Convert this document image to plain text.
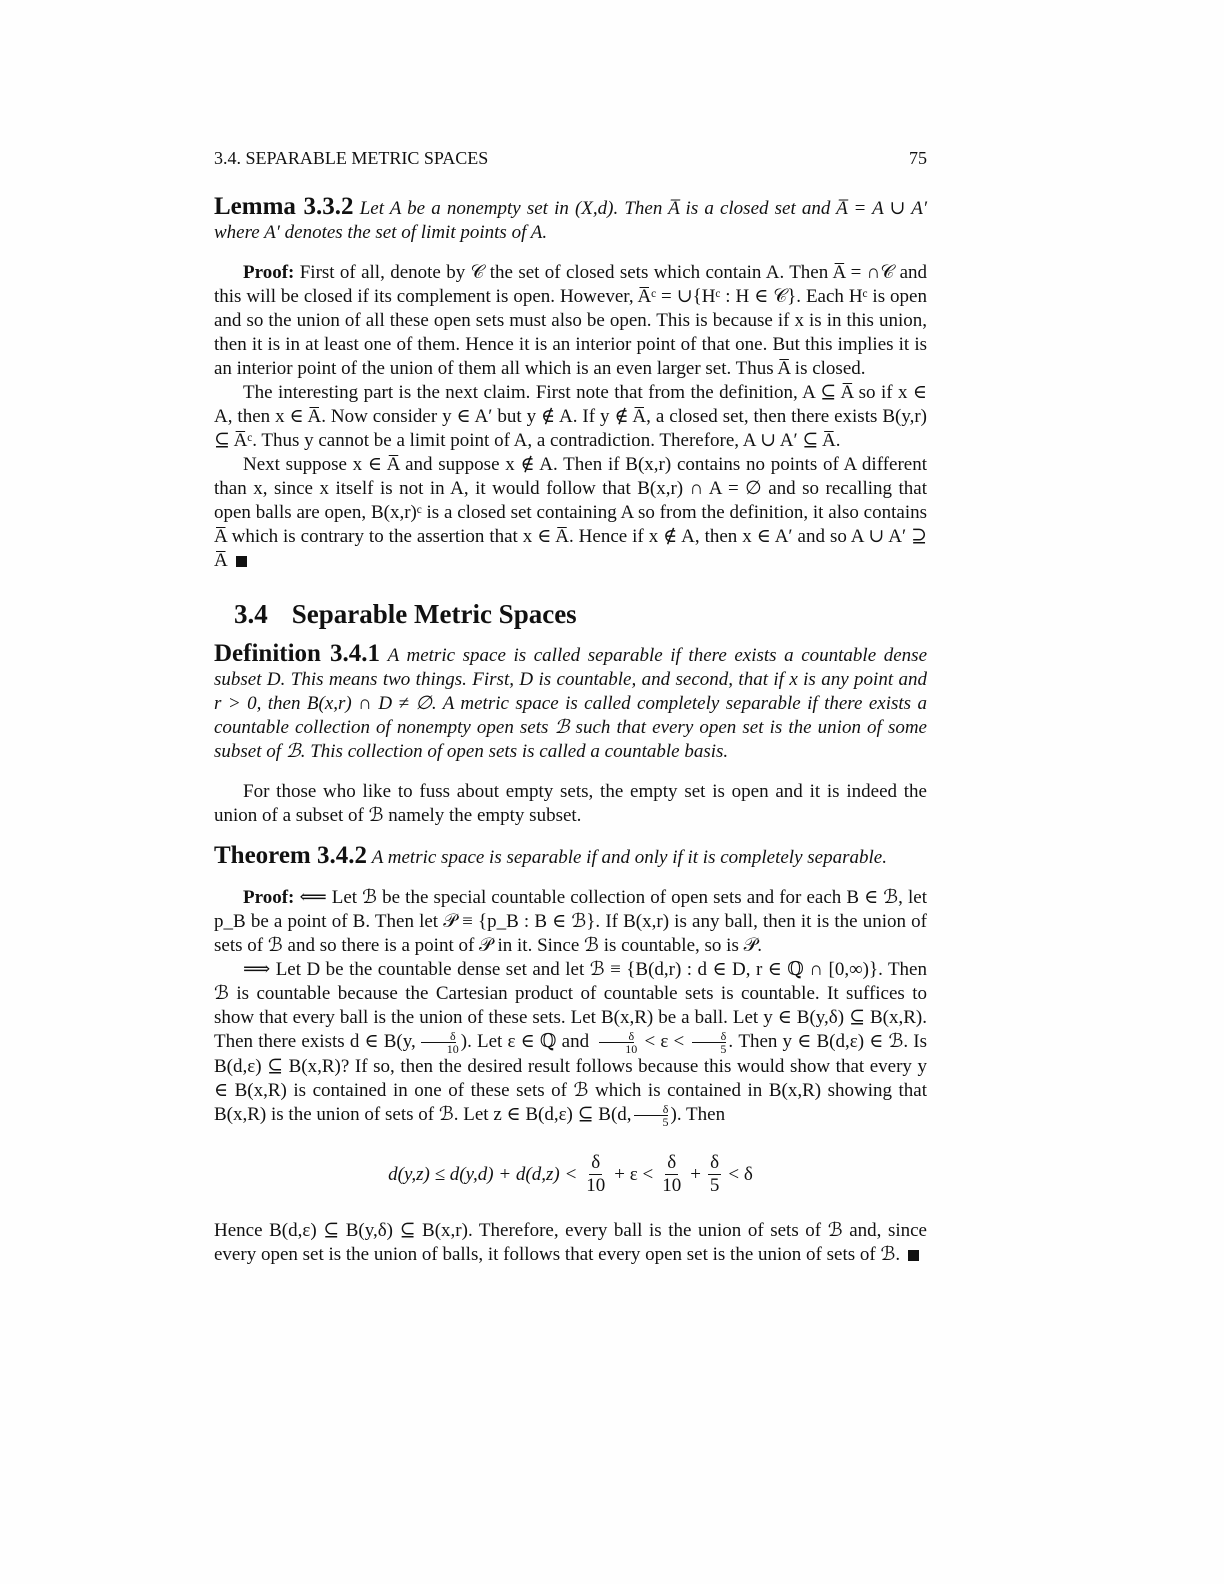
3.4. SEPARABLE METRIC SPACES	75

Lemma 3.3.2 Let A be a nonempty set in (X,d). Then A̅ is a closed set and A̅ = A ∪ A′ where A′ denotes the set of limit points of A.

Proof: First of all, denote by 𝒞 the set of closed sets which contain A. Then A̅ = ∩𝒞 and this will be closed if its complement is open. However, A̅ᶜ = ∪{Hᶜ : H ∈ 𝒞}. Each Hᶜ is open and so the union of all these open sets must also be open. This is because if x is in this union, then it is in at least one of them. Hence it is an interior point of that one. But this implies it is an interior point of the union of them all which is an even larger set. Thus A̅ is closed.

The interesting part is the next claim. First note that from the definition, A ⊆ A̅ so if x ∈ A, then x ∈ A̅. Now consider y ∈ A′ but y ∉ A. If y ∉ A̅, a closed set, then there exists B(y,r) ⊆ A̅ᶜ. Thus y cannot be a limit point of A, a contradiction. Therefore, A ∪ A′ ⊆ A̅.

Next suppose x ∈ A̅ and suppose x ∉ A. Then if B(x,r) contains no points of A different than x, since x itself is not in A, it would follow that B(x,r) ∩ A = ∅ and so recalling that open balls are open, B(x,r)ᶜ is a closed set containing A so from the definition, it also contains A̅ which is contrary to the assertion that x ∈ A̅. Hence if x ∉ A, then x ∈ A′ and so A ∪ A′ ⊇ A̅

3.4 Separable Metric Spaces

Definition 3.4.1 A metric space is called separable if there exists a countable dense subset D. This means two things. First, D is countable, and second, that if x is any point and r > 0, then B(x,r) ∩ D ≠ ∅. A metric space is called completely separable if there exists a countable collection of nonempty open sets ℬ such that every open set is the union of some subset of ℬ. This collection of open sets is called a countable basis.

For those who like to fuss about empty sets, the empty set is open and it is indeed the union of a subset of ℬ namely the empty subset.

Theorem 3.4.2 A metric space is separable if and only if it is completely separable.

Proof: ⟸ Let ℬ be the special countable collection of open sets and for each B ∈ ℬ, let p_B be a point of B. Then let 𝒫 ≡ {p_B : B ∈ ℬ}. If B(x,r) is any ball, then it is the union of sets of ℬ and so there is a point of 𝒫 in it. Since ℬ is countable, so is 𝒫.

⟹ Let D be the countable dense set and let ℬ ≡ {B(d,r) : d ∈ D, r ∈ ℚ ∩ [0,∞)}. Then ℬ is countable because the Cartesian product of countable sets is countable. It suffices to show that every ball is the union of these sets. Let B(x,R) be a ball. Let y ∈ B(y,δ) ⊆ B(x,R). Then there exists d ∈ B(y, $\frac{\delta}{10}$ ). Let ε ∈ ℚ and $\frac{\delta}{10} < \varepsilon < \frac{\delta}{5}$ . Then y ∈ B(d,ε) ∈ ℬ. Is B(d,ε) ⊆ B(x,R)? If so, then the desired result follows because this would show that every y ∈ B(x,R) is contained in one of these sets of ℬ which is contained in B(x,R) showing that B(x,R) is the union of sets of ℬ. Let z ∈ B(d,ε) ⊆ B(d, $\frac{\delta}{5}$ ). Then

$d(y,z) \le d(y,d) + d(d,z) < \frac{\delta}{10} + \varepsilon < \frac{\delta}{10} + \frac{\delta}{5} < \delta$

Hence B(d,ε) ⊆ B(y,δ) ⊆ B(x,r). Therefore, every ball is the union of sets of ℬ and, since every open set is the union of balls, it follows that every open set is the union of sets of ℬ.
